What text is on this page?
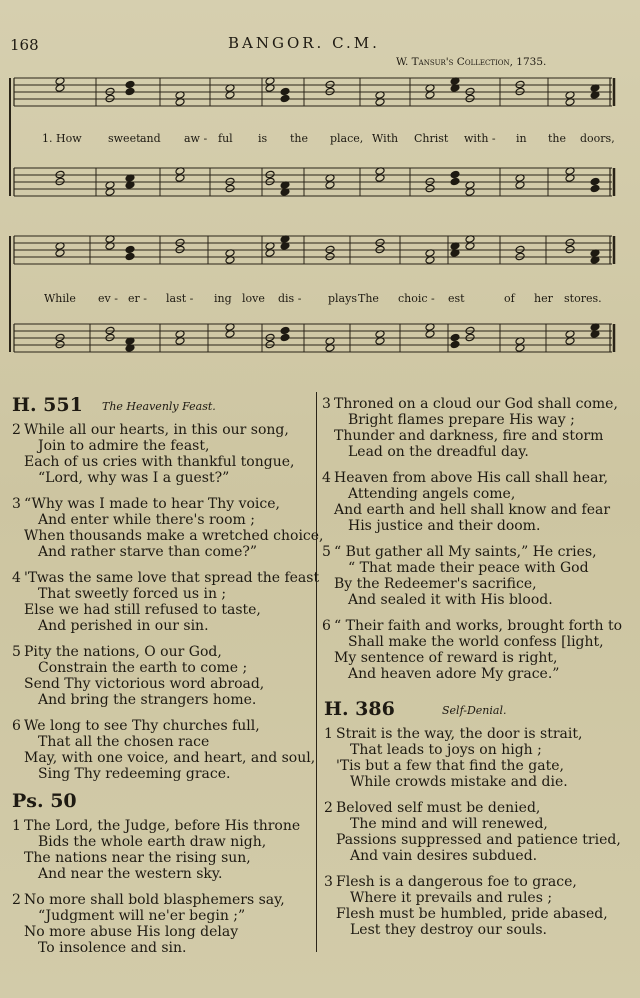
168	BANGOR. C.M.
W. Tansur's Collection, 1735.
1. How sweet and aw - ful is the place, With Christ with - in the doors,
While ev - er - last - ing love dis - plays The choic - est	of her stores.
H. 551 The Heavenly Feast.
2 While all our hearts, in this our song,
Join to admire the feast,
Each of us cries with thankful tongue,
“Lord, why was I a guest?”
3 “Why was I made to hear Thy voice,
And enter while there's room ;
When thousands make a wretched choice,
And rather starve than come?”
4 'Twas the same love that spread the feast
That sweetly forced us in ;
Else we had still refused to taste,
And perished in our sin.
5 Pity the nations, O our God,
Constrain the earth to come ;
Send Thy victorious word abroad,
And bring the strangers home.
6 We long to see Thy churches full,
That all the chosen race
May, with one voice, and heart, and soul,
Sing Thy redeeming grace.
Ps. 50
1 The Lord, the Judge, before His throne
Bids the whole earth draw nigh,
The nations near the rising sun,
And near the western sky.
2 No more shall bold blasphemers say,
“Judgment will ne'er begin ;”
No more abuse His long delay
To insolence and sin.
3 Throned on a cloud our God shall come,
Bright flames prepare His way ;
Thunder and darkness, fire and storm
Lead on the dreadful day.
4 Heaven from above His call shall hear,
Attending angels come,
And earth and hell shall know and fear
His justice and their doom.
5 “ But gather all My saints,” He cries,
“ That made their peace with God
By the Redeemer's sacrifice,
And sealed it with His blood.
6 “ Their faith and works, brought forth to
Shall make the world confess [light,
My sentence of reward is right,
And heaven adore My grace.”
H. 386	Self-Denial.
1 Strait is the way, the door is strait,
That leads to joys on high ;
'Tis but a few that find the gate,
While crowds mistake and die.
2 Beloved self must be denied,
The mind and will renewed,
Passions suppressed and patience tried,
And vain desires subdued.
3 Flesh is a dangerous foe to grace,
Where it prevails and rules ;
Flesh must be humbled, pride abased,
Lest they destroy our souls.
